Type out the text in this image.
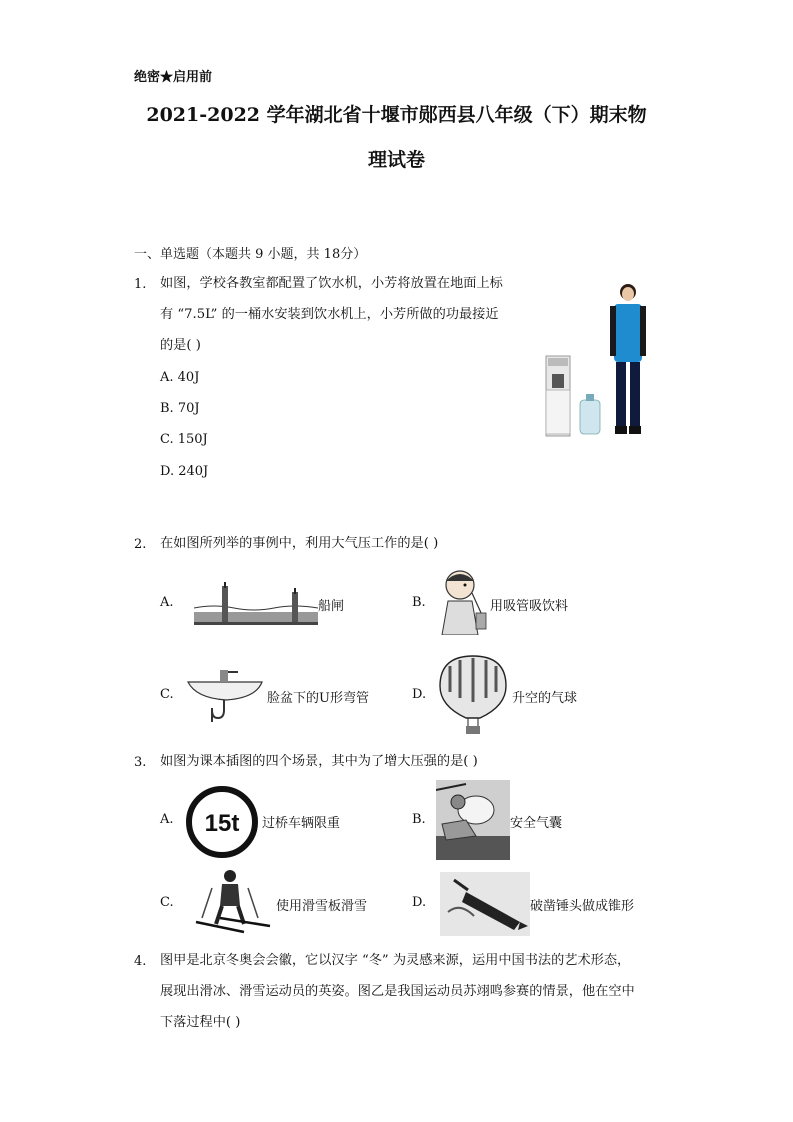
绝密★启用前
2021-2022 学年湖北省十堰市郧西县八年级（下）期末物
理试卷
一、单选题（本题共 9 小题，共 18分）
1. 如图，学校各教室都配置了饮水机，小芳将放置在地面上标
有 “7.5L” 的一桶水安装到饮水机上，小芳所做的功最接近
的是( )
A. 40J
B. 70J
C. 150J
D. 240J
2. 在如图所列举的事例中，利用大气压工作的是( )
A.	船闸	B.	用吸管吸饮料
C.	脸盆下的U形弯管	D.	升空的气球
3. 如图为课本插图的四个场景，其中为了增大压强的是( )
A. 15t 过桥车辆限重	B.	安全气囊
C.	使用滑雪板滑雪	D.	破凿锤头做成锥形
4. 图甲是北京冬奥会会徽，它以汉字 “冬” 为灵感来源，运用中国书法的艺术形态，
展现出滑冰、滑雪运动员的英姿。图乙是我国运动员苏翊鸣参赛的情景，他在空中
下落过程中( )
